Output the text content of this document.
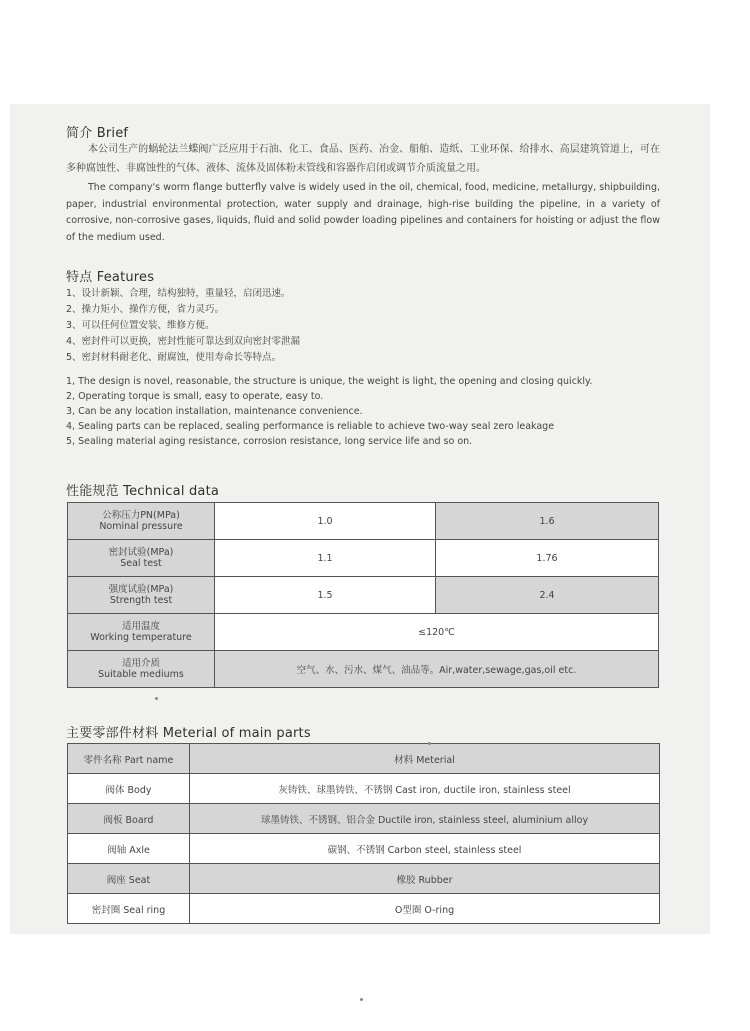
简介 Brief
本公司生产的蜗轮法兰蝶阀广泛应用于石油、化工、食品、医药、冶金、船舶、造纸、工业环保、给排水、高层建筑管道上，可在多种腐蚀性、非腐蚀性的气体、液体、流体及固体粉末管线和容器作启闭或调节介质流量之用。
The company's worm flange butterfly valve is widely used in the oil, chemical, food, medicine, metallurgy, shipbuilding, paper, industrial environmental protection, water supply and drainage, high-rise building the pipeline, in a variety of corrosive, non-corrosive gases, liquids, fluid and solid powder loading pipelines and containers for hoisting or adjust the flow of the medium used.
特点 Features
1、设计新颖、合理，结构独特，重量轻，启闭迅速。
2、操力矩小、操作方便，省力灵巧。
3、可以任何位置安装、维修方便。
4、密封件可以更换，密封性能可靠达到双向密封零泄漏
5、密封材料耐老化、耐腐蚀，使用寿命长等特点。
1, The design is novel, reasonable, the structure is unique, the weight is light, the opening and closing quickly.
2, Operating torque is small, easy to operate, easy to.
3, Can be any location installation, maintenance convenience.
4, Sealing parts can be replaced, sealing performance is reliable to achieve two-way seal zero leakage
5, Sealing material aging resistance, corrosion resistance, long service life and so on.
性能规范 Technical data
公称压力PN(MPa)
Nominal pressure	1.0	1.6

密封试验(MPa)
Seal test	1.1	1.76

强度试验(MPa)
Strength test	1.5	2.4

适用温度
Working temperature	≤120℃	

适用介质
Suitable mediums	空气、水、污水、煤气、油品等。Air,water,sewage,gas,oil etc.	
主要零部件材料 Meterial of main parts
零件名称 Part name	材料 Meterial
阀体 Body	灰铸铁、球墨铸铁、不锈钢 Cast iron, ductile iron, stainless steel
阀板 Board	球墨铸铁、不锈钢、铝合金 Ductile iron, stainless steel, aluminium alloy
阀轴 Axle	碳钢、不锈钢 Carbon steel, stainless steel
阀座 Seat	橡胶 Rubber
密封圈 Seal ring	O型圈 O-ring
